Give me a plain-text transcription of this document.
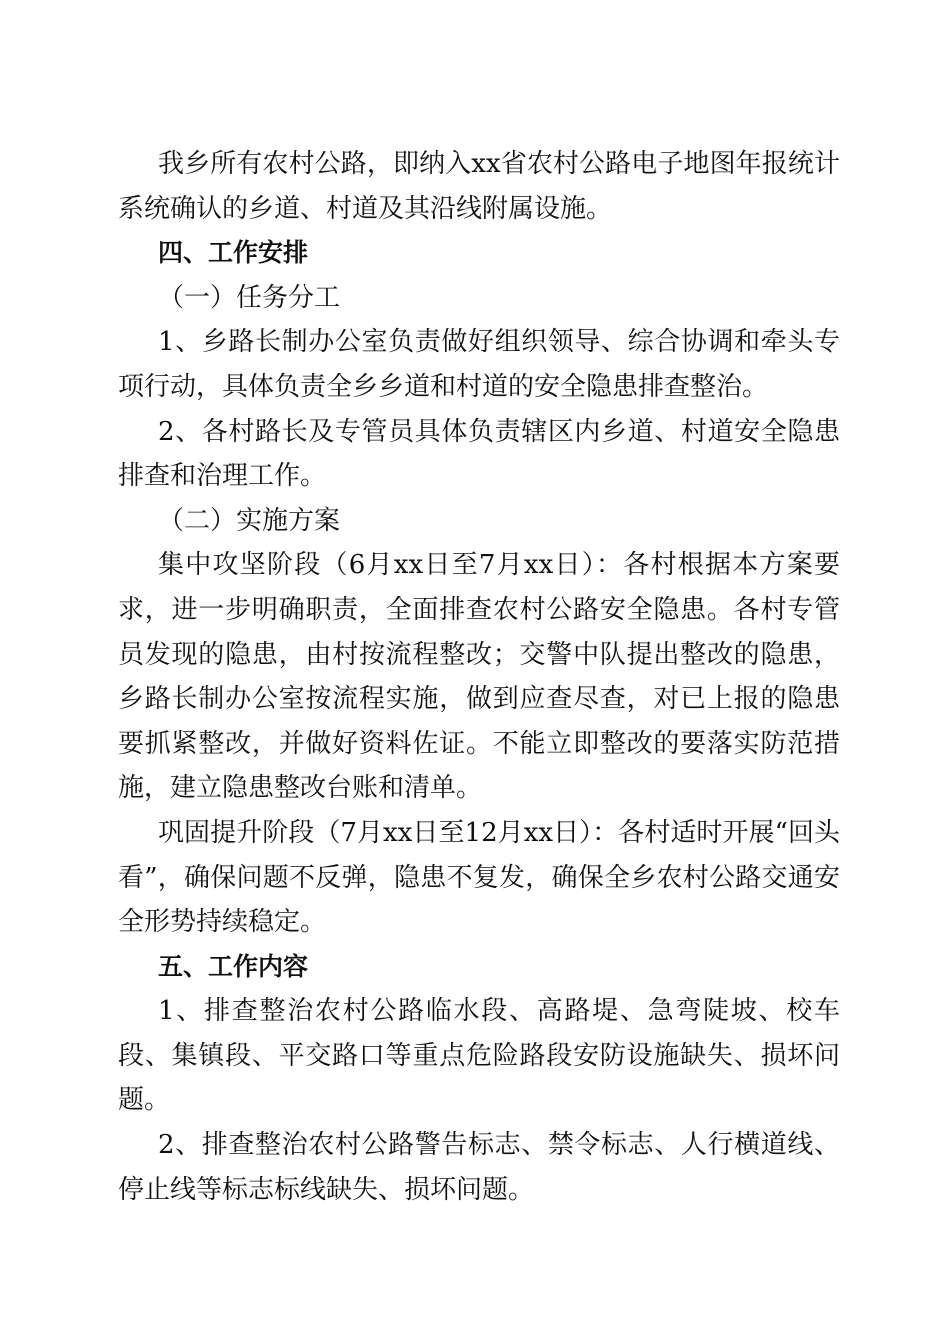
我乡所有农村公路，即纳入xx省农村公路电子地图年报统计系统确认的乡道、村道及其沿线附属设施。

四、工作安排

（一）任务分工

1、乡路长制办公室负责做好组织领导、综合协调和牵头专项行动，具体负责全乡乡道和村道的安全隐患排查整治。

2、各村路长及专管员具体负责辖区内乡道、村道安全隐患排查和治理工作。

（二）实施方案

集中攻坚阶段（6月xx日至7月xx日）：各村根据本方案要求，进一步明确职责，全面排查农村公路安全隐患。各村专管员发现的隐患，由村按流程整改；交警中队提出整改的隐患，乡路长制办公室按流程实施，做到应查尽查，对已上报的隐患要抓紧整改，并做好资料佐证。不能立即整改的要落实防范措施，建立隐患整改台账和清单。

巩固提升阶段（7月xx日至12月xx日）：各村适时开展“回头看”，确保问题不反弹，隐患不复发，确保全乡农村公路交通安全形势持续稳定。

五、工作内容

1、排查整治农村公路临水段、高路堤、急弯陡坡、校车段、集镇段、平交路口等重点危险路段安防设施缺失、损坏问题。

2、排查整治农村公路警告标志、禁令标志、人行横道线、停止线等标志标线缺失、损坏问题。
